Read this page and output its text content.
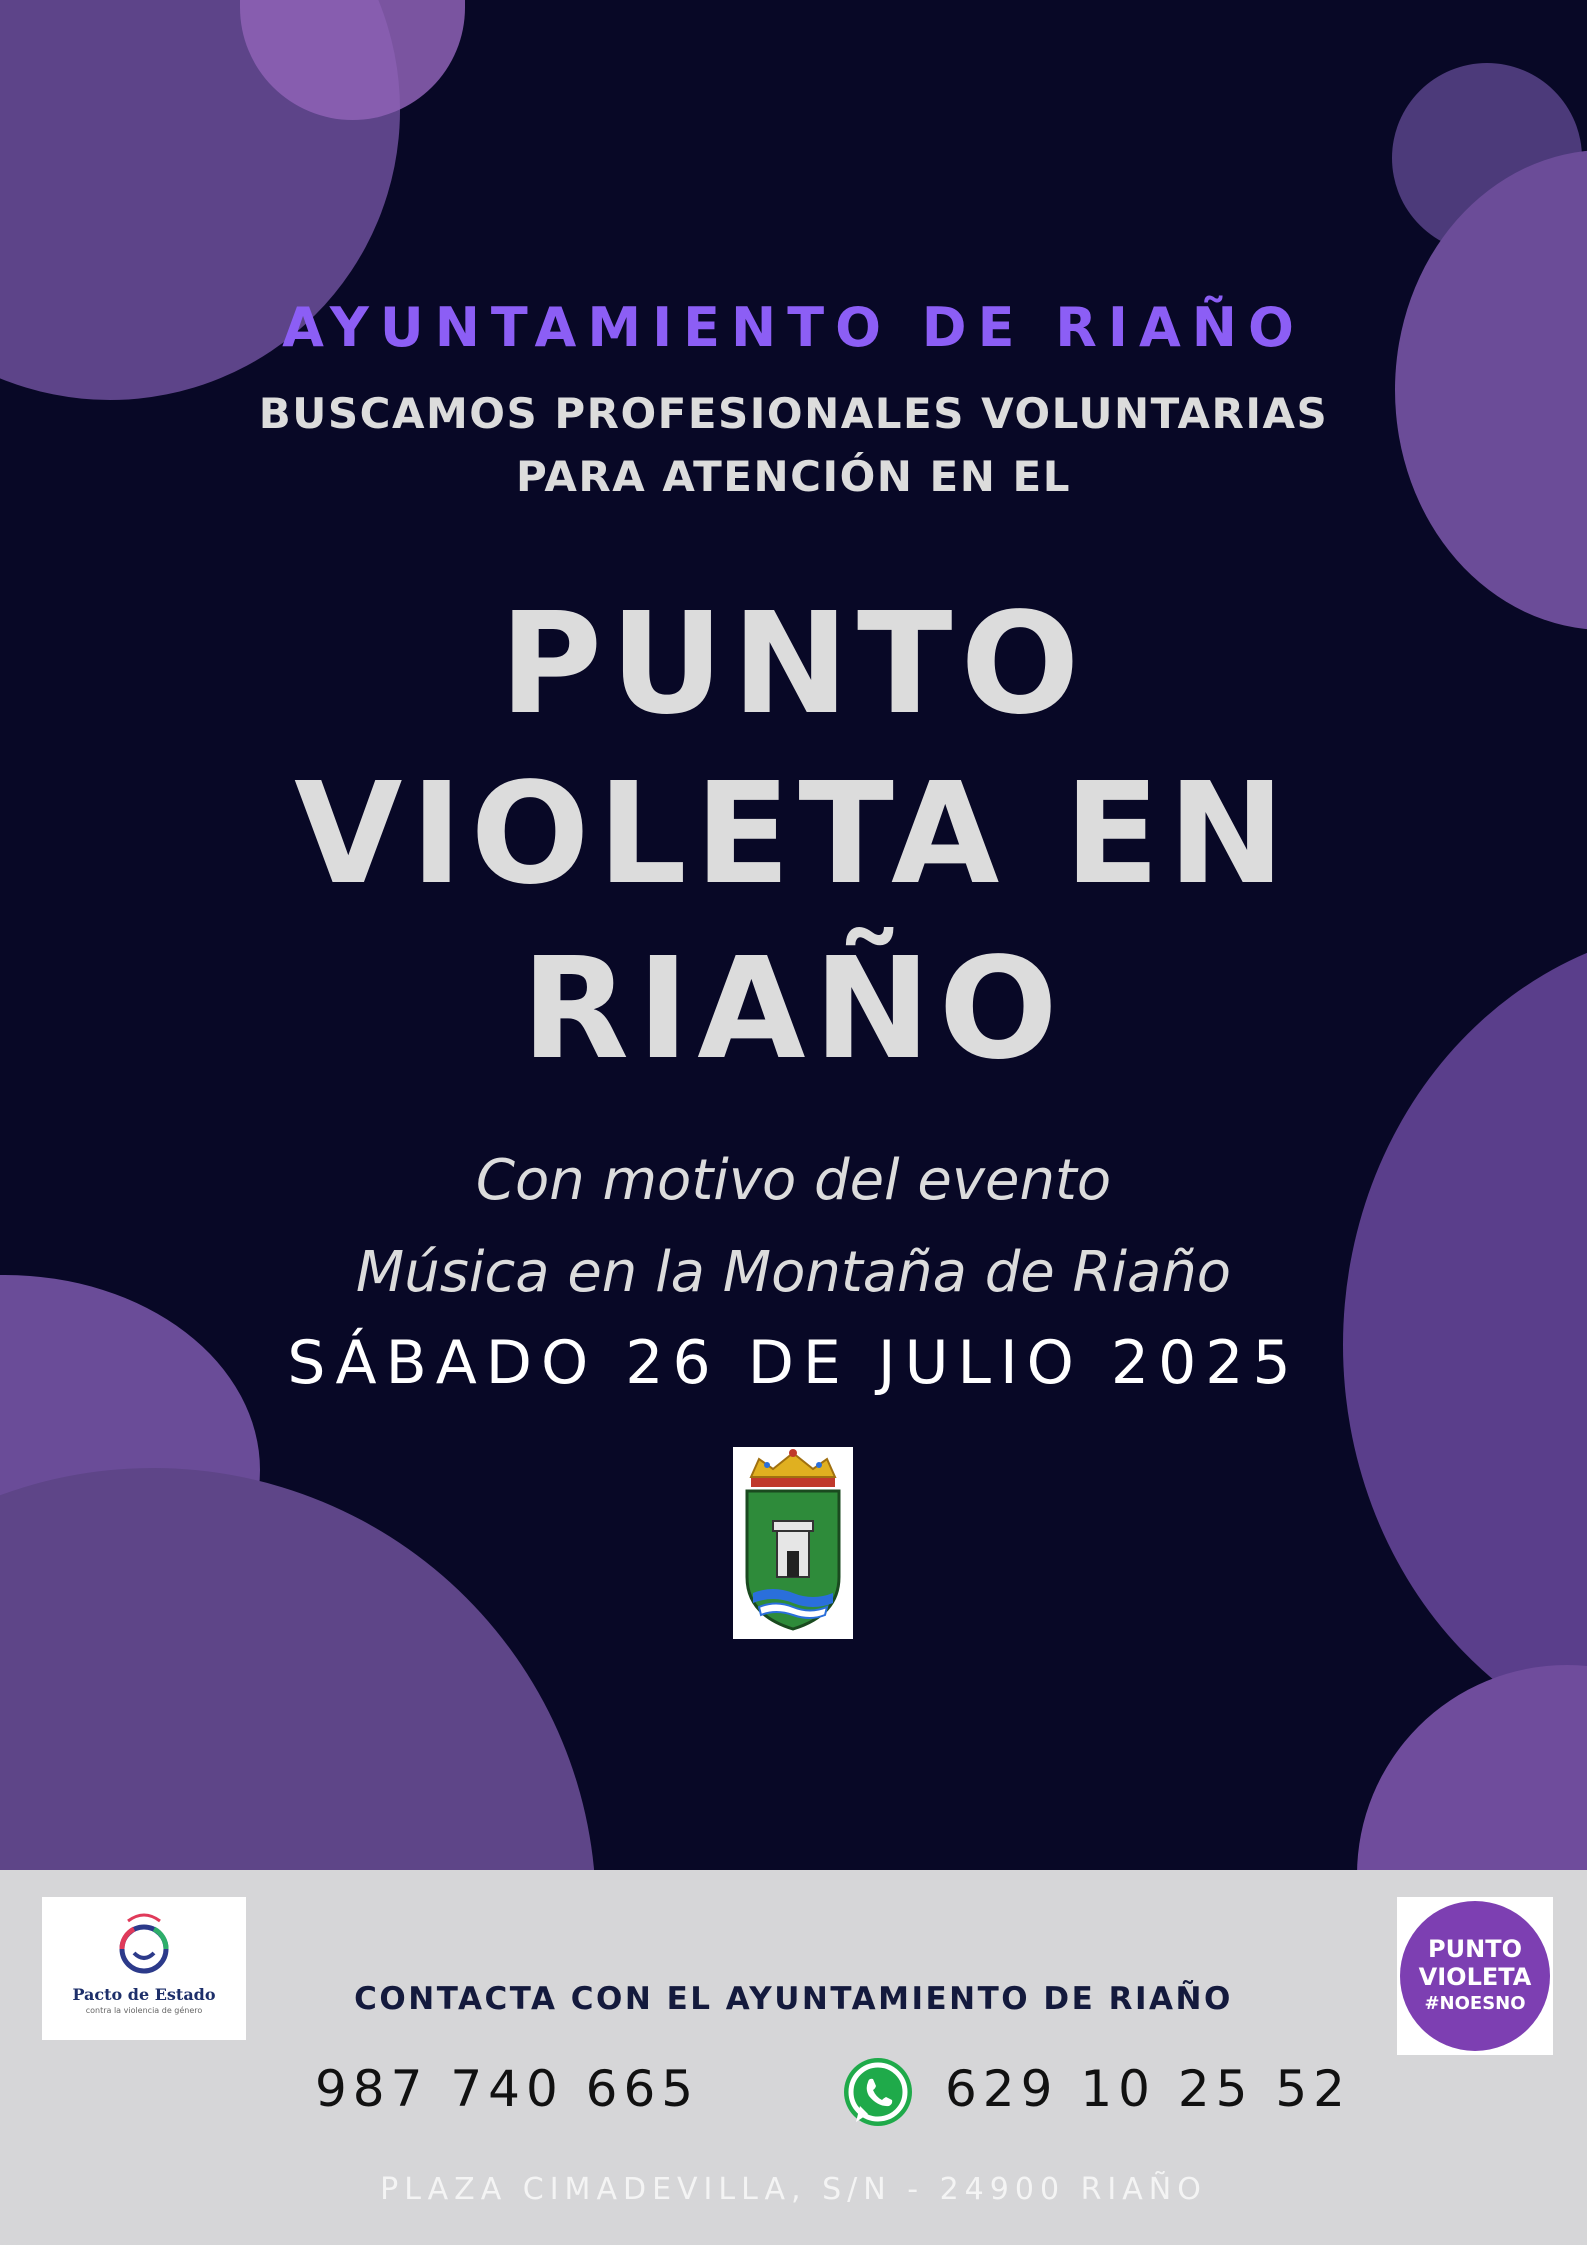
AYUNTAMIENTO DE RIAÑO
BUSCAMOS PROFESIONALES VOLUNTARIAS
PARA ATENCIÓN EN EL
PUNTO
VIOLETA EN
RIAÑO
Con motivo del evento
Música en la Montaña de Riaño
SÁBADO 26 DE JULIO 2025
Pacto de Estado
contra la violencia de género
PUNTO
VIOLETA
#NOESNO
CONTACTA CON EL AYUNTAMIENTO DE RIAÑO
987 740 665	629 10 25 52
PLAZA CIMADEVILLA, S/N - 24900 RIAÑO
